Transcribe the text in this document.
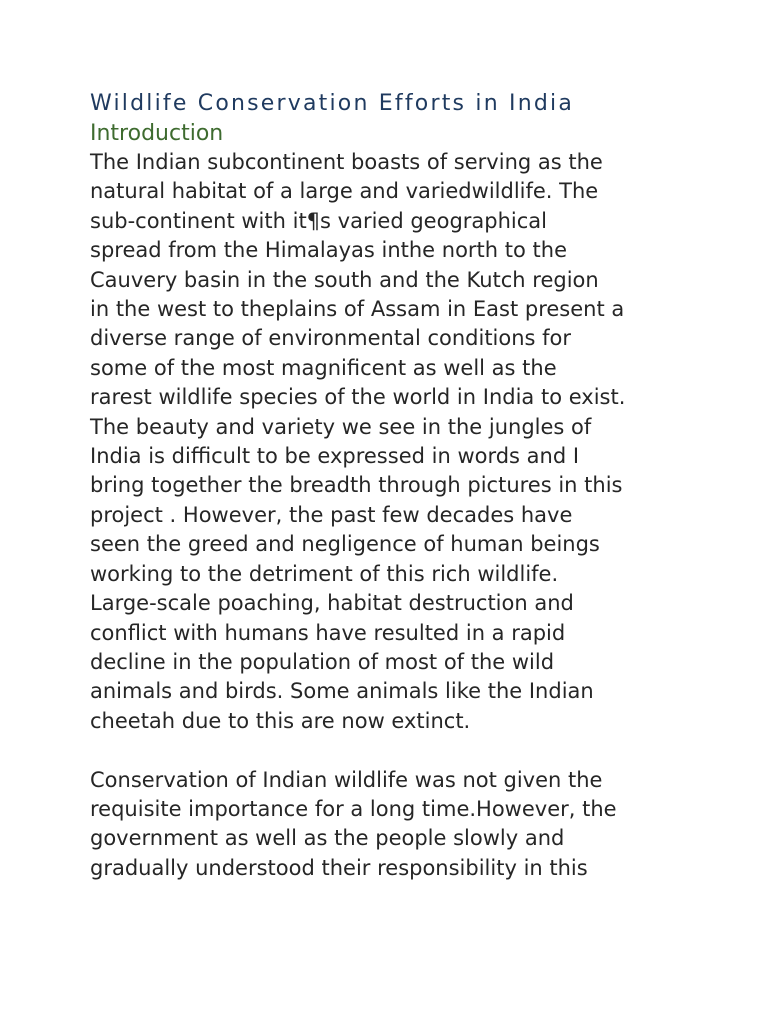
Wildlife Conservation Efforts in India
Introduction

The Indian subcontinent boasts of serving as the
natural habitat of a large and variedwildlife. The
sub-continent with it¶s varied geographical
spread from the Himalayas inthe north to the
Cauvery basin in the south and the Kutch region
in the west to theplains of Assam in East present a
diverse range of environmental conditions for
some of the most magnificent as well as the
rarest wildlife species of the world in India to exist.
The beauty and variety we see in the jungles of
India is difficult to be expressed in words and I
bring together the breadth through pictures in this
project . However, the past few decades have
seen the greed and negligence of human beings
working to the detriment of this rich wildlife.
Large-scale poaching, habitat destruction and
conflict with humans have resulted in a rapid
decline in the population of most of the wild
animals and birds. Some animals like the Indian
cheetah due to this are now extinct.

Conservation of Indian wildlife was not given the
requisite importance for a long time.However, the
government as well as the people slowly and
gradually understood their responsibility in this
